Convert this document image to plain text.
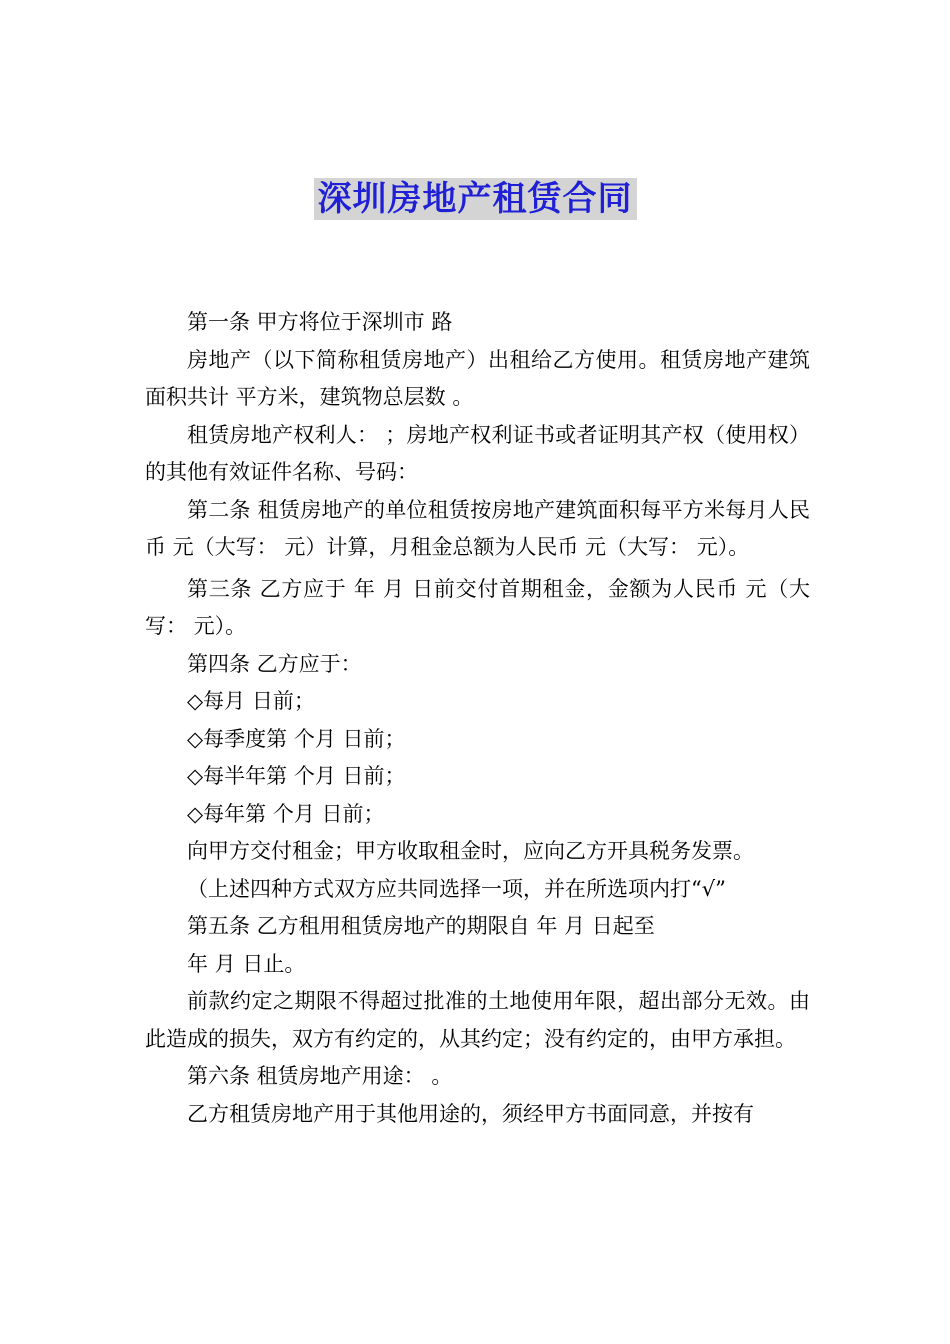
深圳房地产租赁合同

第一条 甲方将位于深圳市 路

房地产（以下简称租赁房地产）出租给乙方使用。租赁房地产建筑面积共计 平方米，建筑物总层数 。

租赁房地产权利人： ；房地产权利证书或者证明其产权（使用权）的其他有效证件名称、号码：

第二条 租赁房地产的单位租赁按房地产建筑面积每平方米每月人民币 元（大写： 元）计算，月租金总额为人民币 元（大写： 元）。

第三条 乙方应于 年 月 日前交付首期租金，金额为人民币 元（大写： 元）。

第四条 乙方应于：

◇每月 日前；

◇每季度第 个月 日前；

◇每半年第 个月 日前；

◇每年第 个月 日前；

向甲方交付租金；甲方收取租金时，应向乙方开具税务发票。

（上述四种方式双方应共同选择一项，并在所选项内打“√”

第五条 乙方租用租赁房地产的期限自 年 月 日起至

年 月 日止。

前款约定之期限不得超过批准的土地使用年限，超出部分无效。由此造成的损失，双方有约定的，从其约定；没有约定的，由甲方承担。

第六条 租赁房地产用途： 。

乙方租赁房地产用于其他用途的，须经甲方书面同意，并按有
